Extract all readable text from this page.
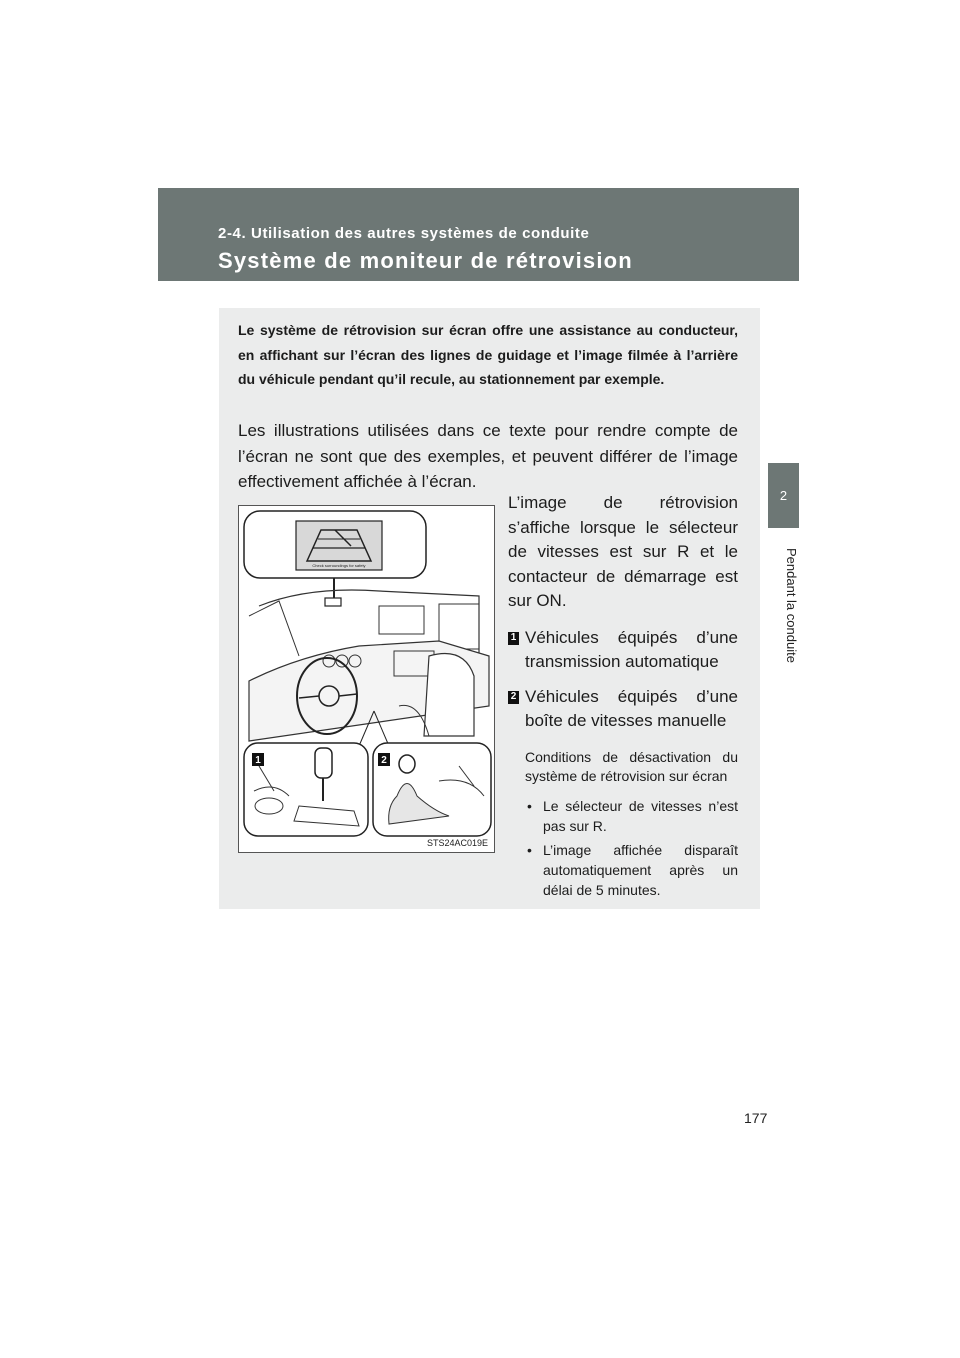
2-4. Utilisation des autres systèmes de conduite
Système de moniteur de rétrovision
2
Pendant la conduite
Le système de rétrovision sur écran offre une assistance au conducteur, en affichant sur l’écran des lignes de guidage et l’image filmée à l’arrière du véhicule pendant qu’il recule, au stationnement par exemple.
Les illustrations utilisées dans ce texte pour rendre compte de l’écran ne sont que des exemples, et peuvent différer de l’image effectivement affichée à l’écran.
Check surroundings for safety
1	2
STS24AC019E

L’image de rétrovision s’affiche lorsque le sélecteur de vitesses est sur R et le contacteur de démarrage est sur ON.

1 Véhicules équipés d’une transmission automatique
2 Véhicules équipés d’une boîte de vitesses manuelle
Conditions de désactivation du système de rétrovision sur écran
• Le sélecteur de vitesses n’est pas sur R.
• L’image affichée disparaît automatiquement après un délai de 5 minutes.
177
